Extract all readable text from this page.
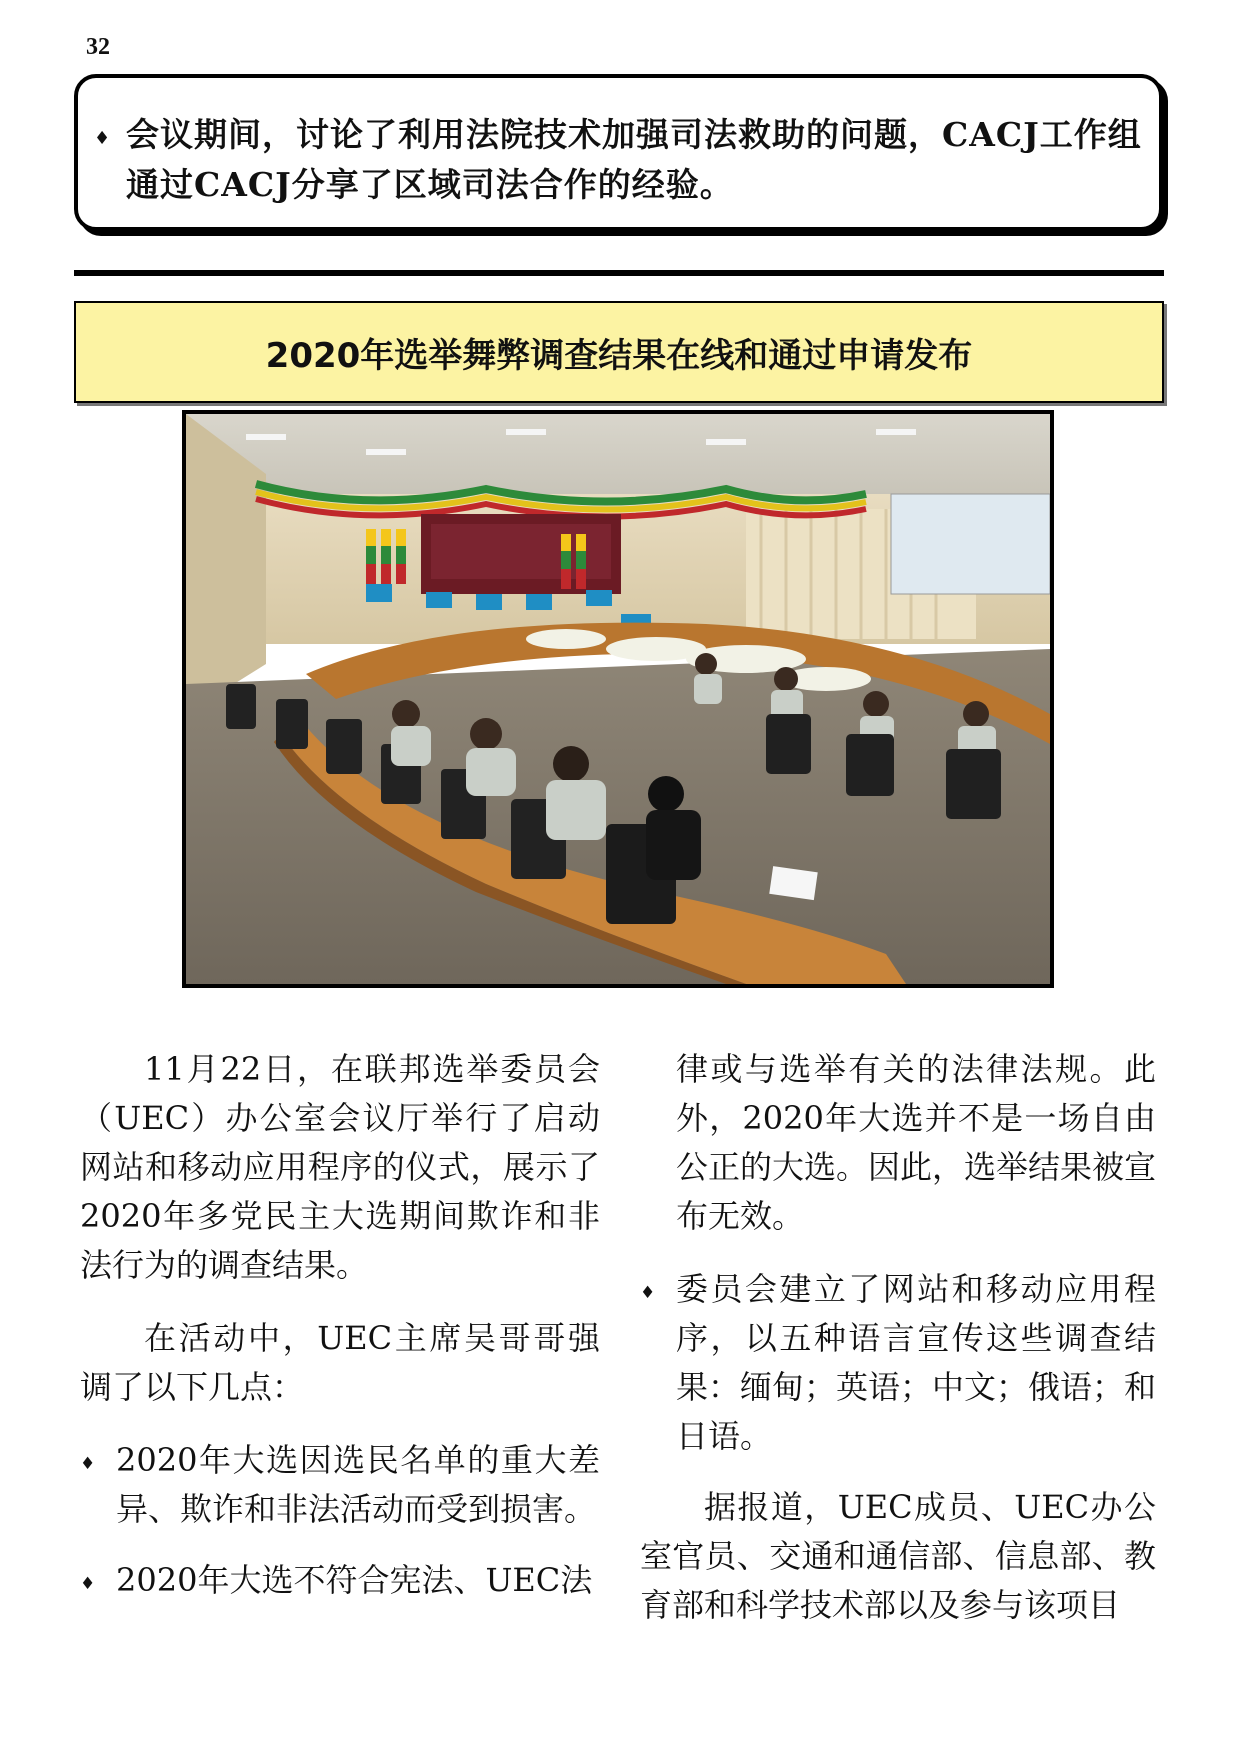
32
♦ 会议期间，讨论了利用法院技术加强司法救助的问题，CACJ工作组通过CACJ分享了区域司法合作的经验。
2020年选举舞弊调查结果在线和通过申请发布

11月22日，在联邦选举委员会（UEC）办公室会议厅举行了启动网站和移动应用程序的仪式，展示了2020年多党民主大选期间欺诈和非法行为的调查结果。

在活动中，UEC主席吴哥哥强调了以下几点：

♦ 2020年大选因选民名单的重大差异、欺诈和非法活动而受到损害。
♦ 2020年大选不符合宪法、UEC法

律或与选举有关的法律法规。此外，2020年大选并不是一场自由公正的大选。因此，选举结果被宣布无效。

♦ 委员会建立了网站和移动应用程序，以五种语言宣传这些调查结果：缅甸；英语；中文；俄语；和日语。

据报道，UEC成员、UEC办公室官员、交通和通信部、信息部、教育部和科学技术部以及参与该项目
